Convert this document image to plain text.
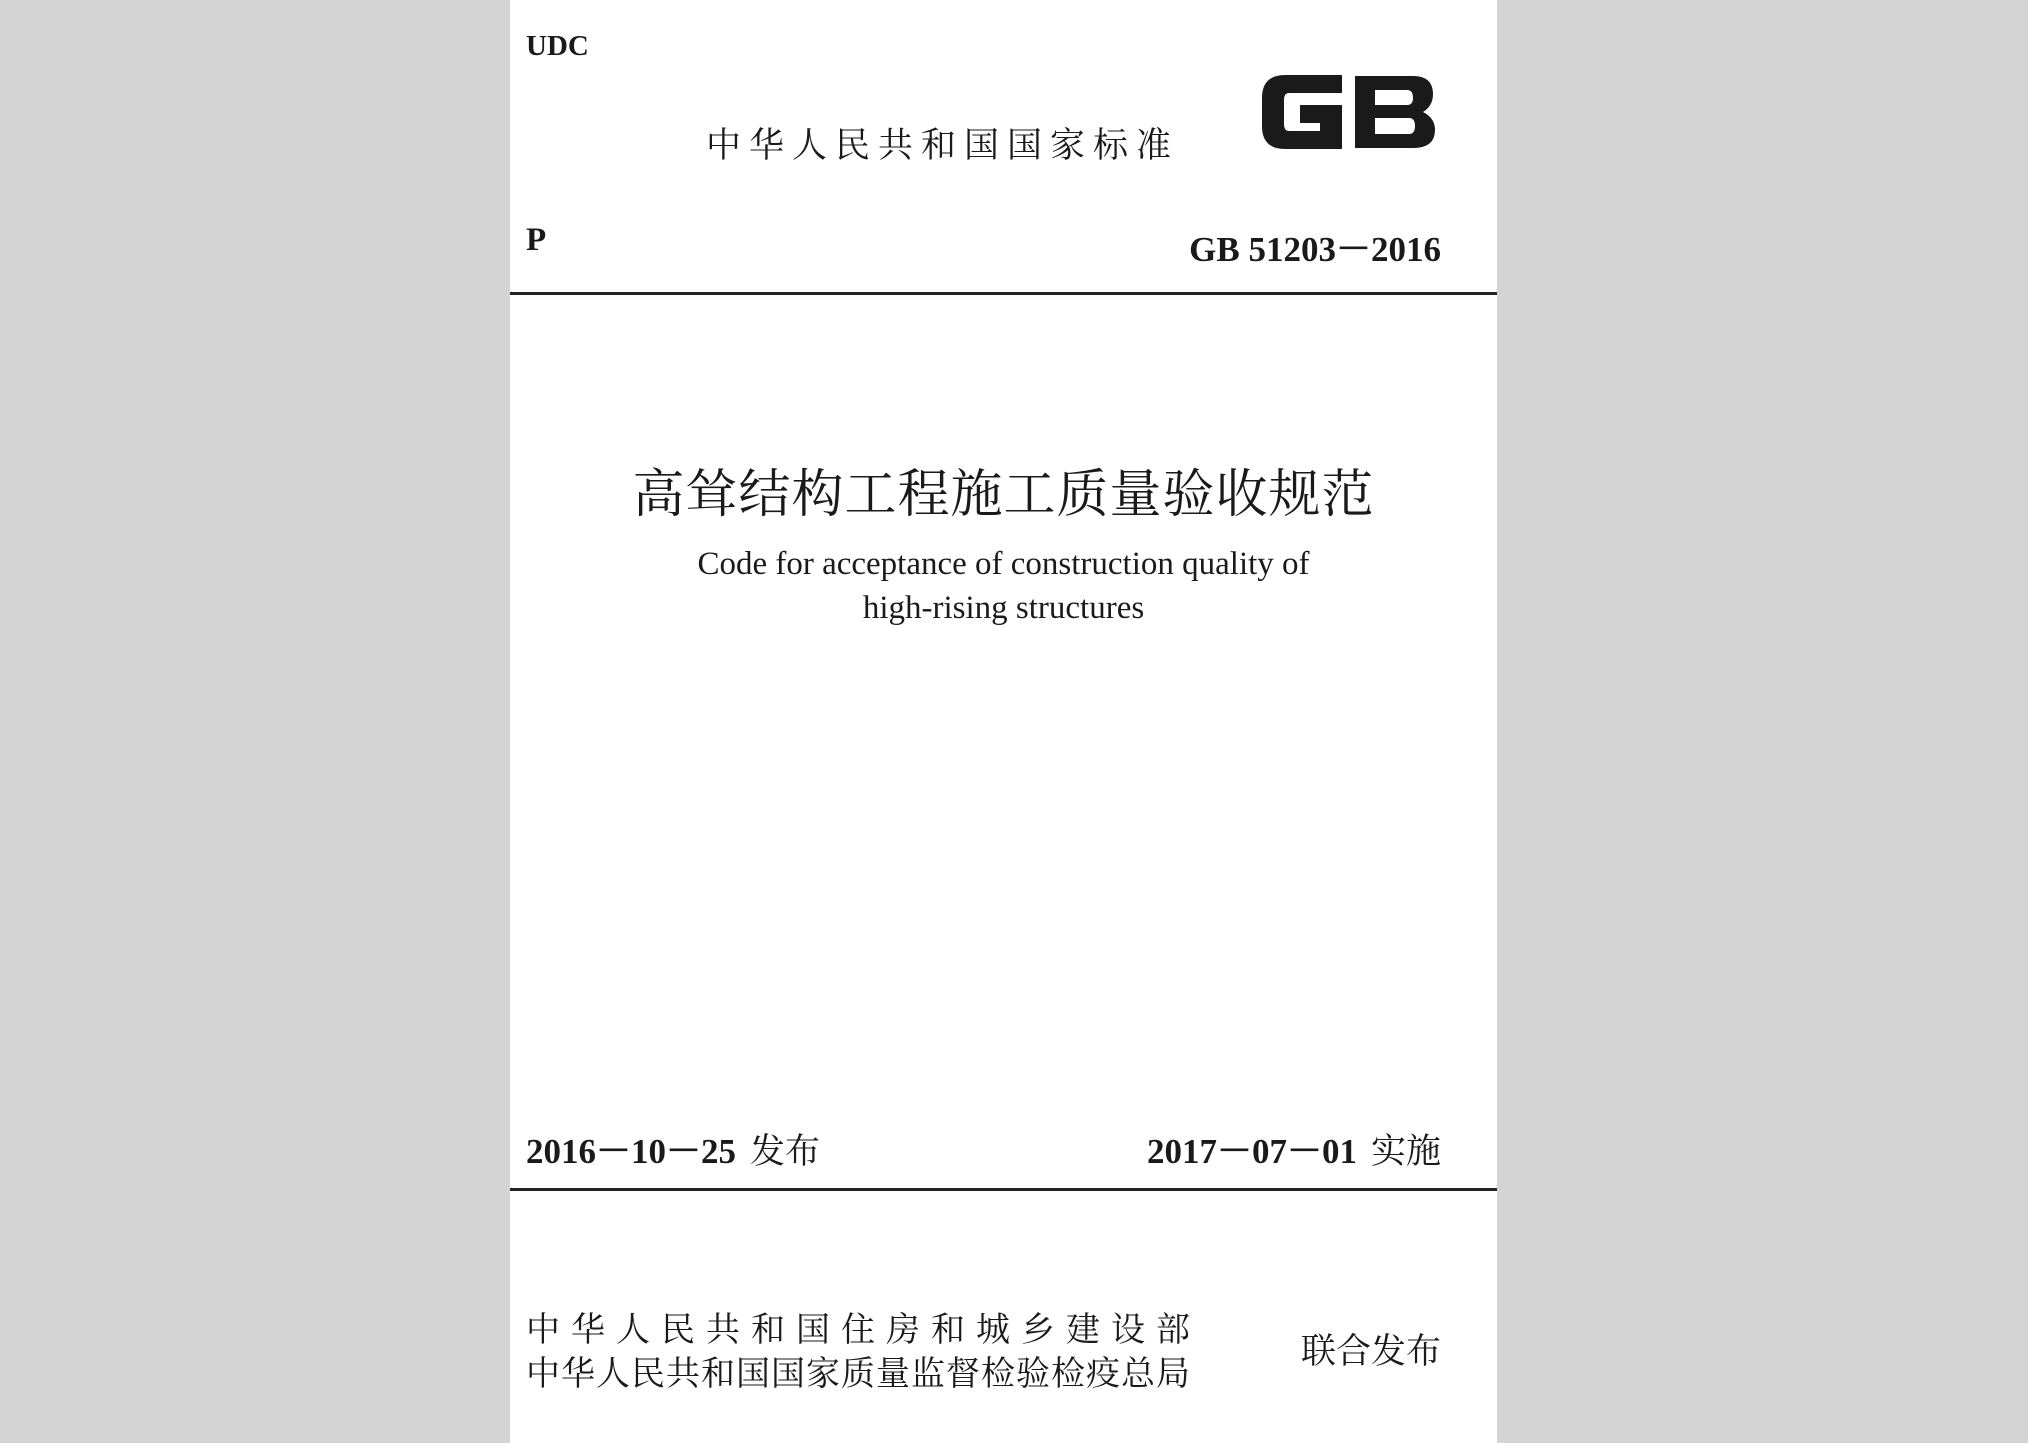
UDC
中华人民共和国国家标准
P	GB 51203－2016
高耸结构工程施工质量验收规范
Code for acceptance of construction quality of
high-rising structures
2016－10－25 发布	2017－07－01 实施
中华人民共和国住房和城乡建设部
中华人民共和国国家质量监督检验检疫总局
联合发布
